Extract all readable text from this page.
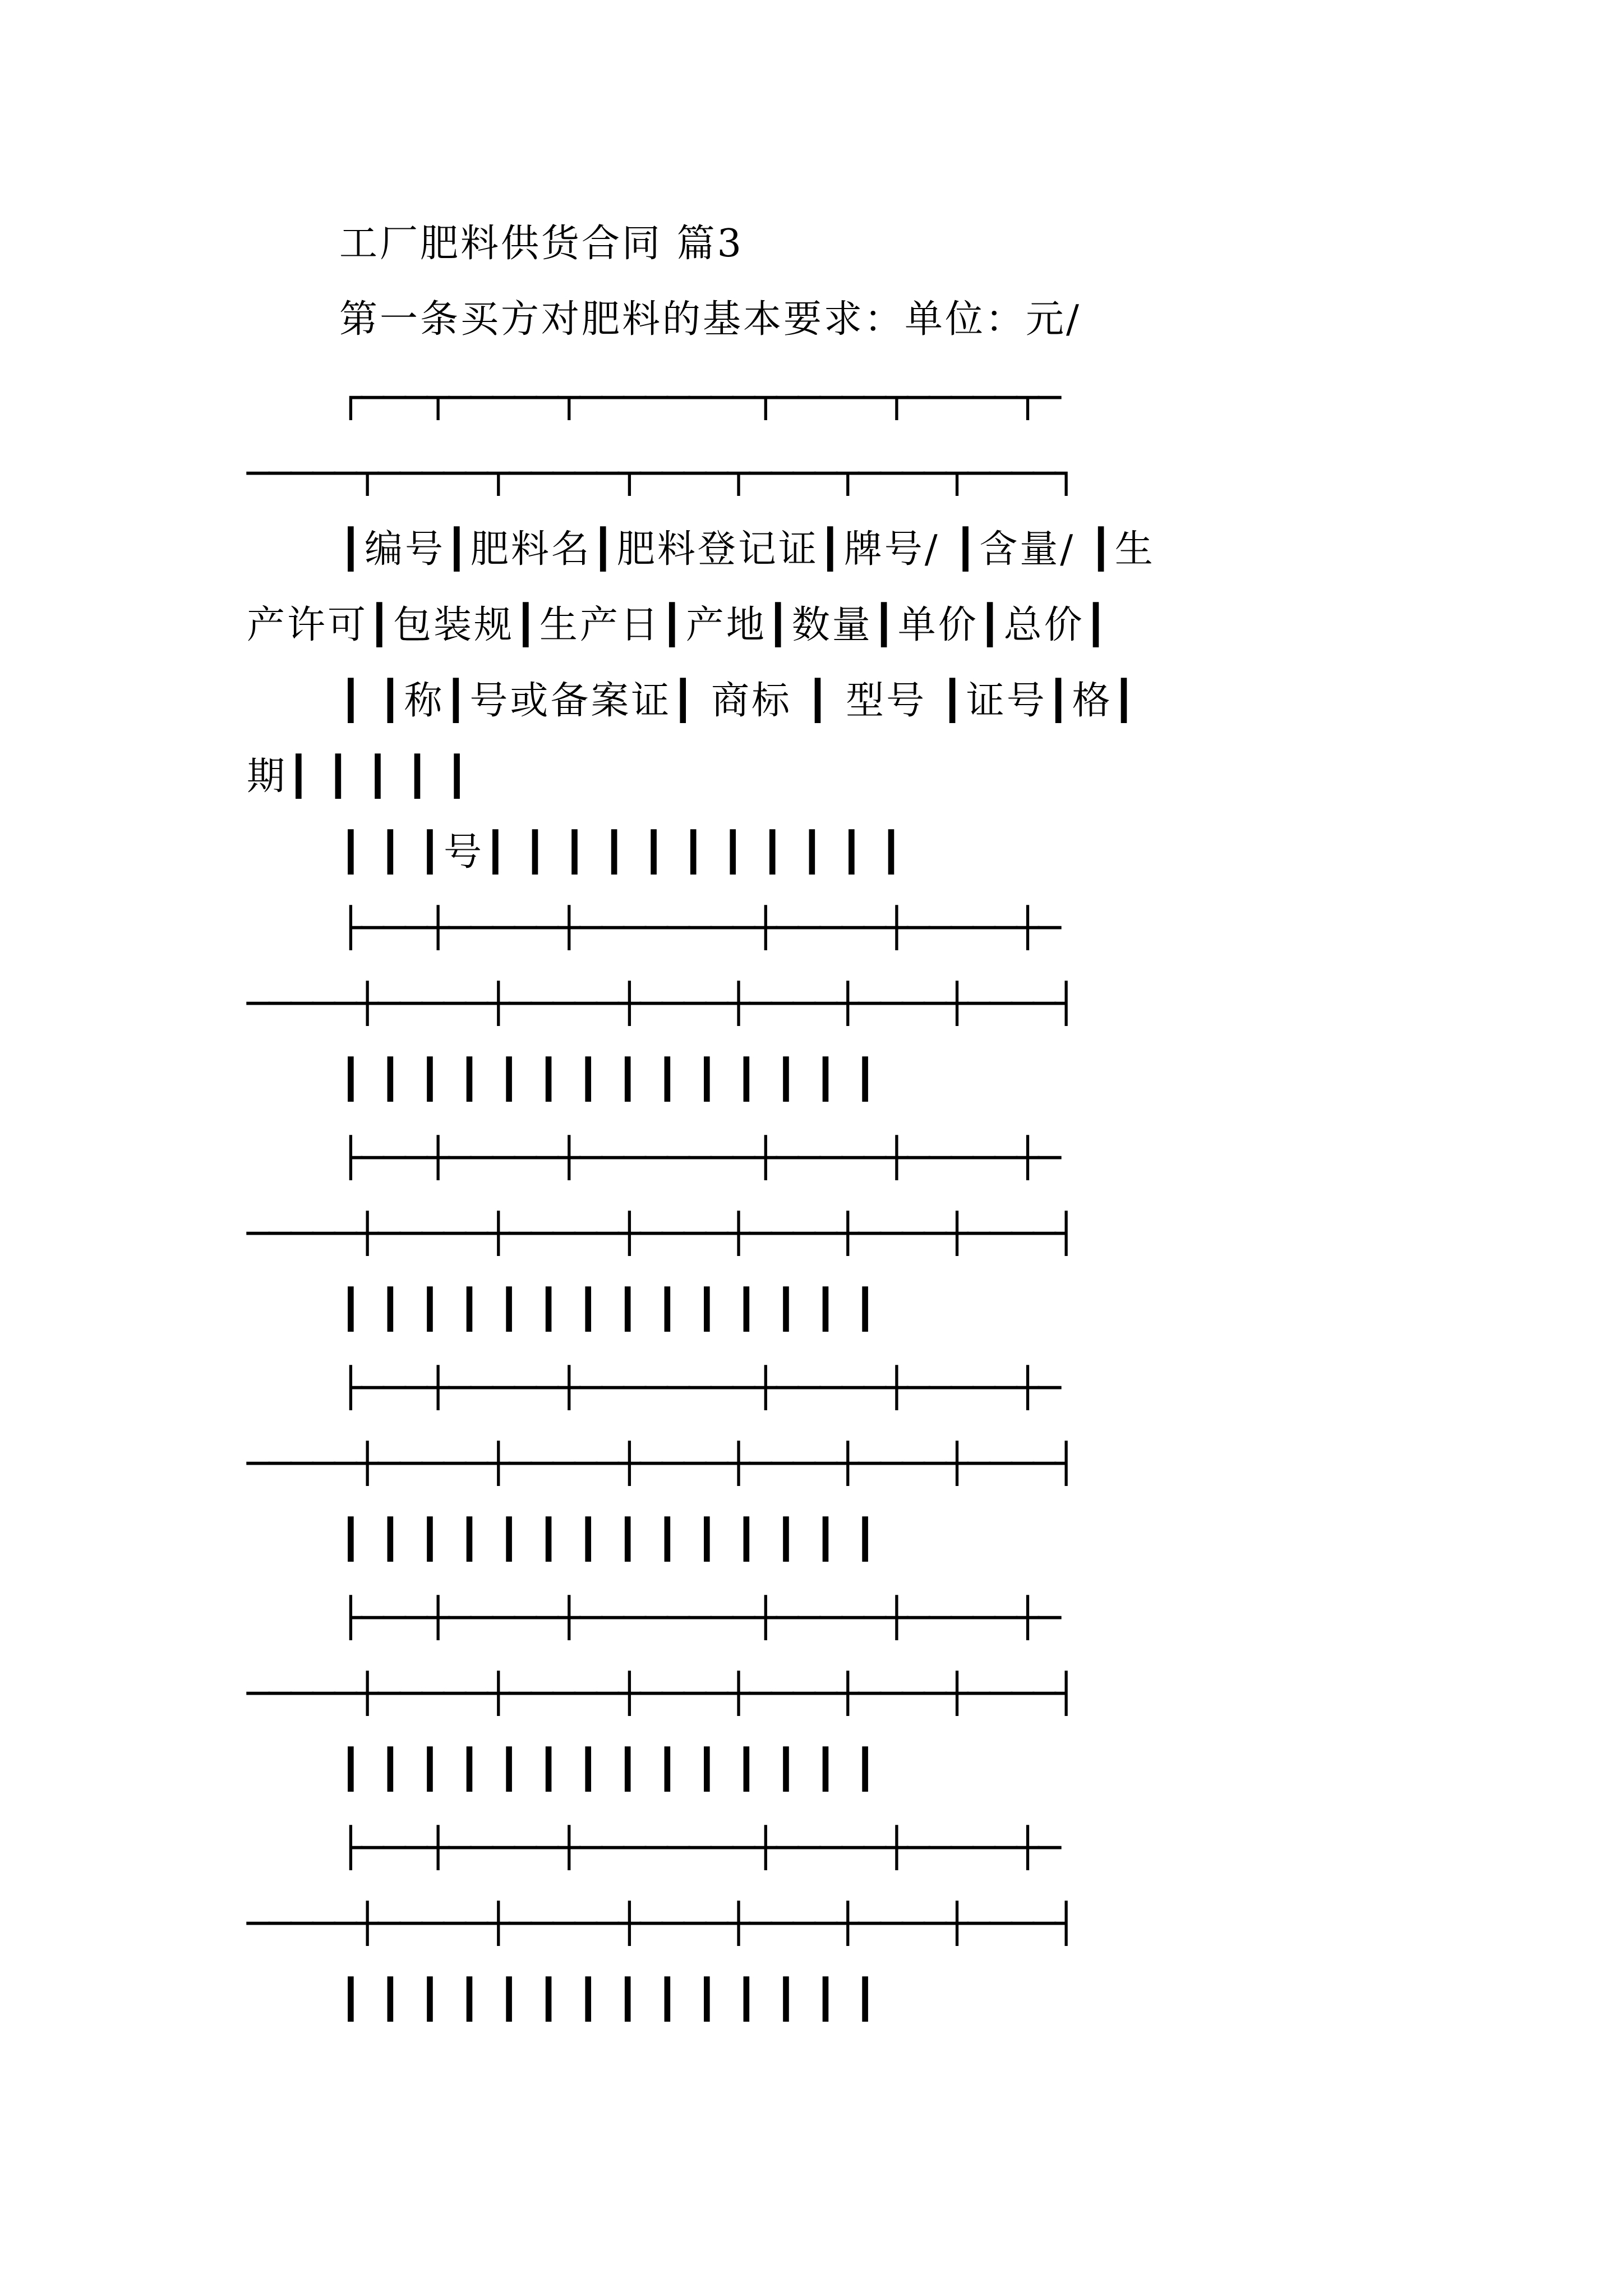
工厂肥料供货合同 篇3
第一条买方对肥料的基本要求：单位：元/
┌───┬─────┬────────┬─────┬─────┬─
─────┬─────┬─────┬────┬────┬────┬────┐
┃编号┃肥料名┃肥料登记证┃牌号/ ┃含量/ ┃生
产许可┃包装规┃生产日┃产地┃数量┃单价┃总价┃
┃ ┃称┃号或备案证┃ 商标 ┃ 型号 ┃证号┃格┃
期┃ ┃ ┃ ┃ ┃
┃ ┃ ┃号┃ ┃ ┃ ┃ ┃ ┃ ┃ ┃ ┃ ┃ ┃
├───┼─────┼────────┼─────┼─────┼─
─────┼─────┼─────┼────┼────┼────┼────┤
┃ ┃ ┃ ┃ ┃ ┃ ┃ ┃ ┃ ┃ ┃ ┃ ┃ ┃
├───┼─────┼────────┼─────┼─────┼─
─────┼─────┼─────┼────┼────┼────┼────┤
┃ ┃ ┃ ┃ ┃ ┃ ┃ ┃ ┃ ┃ ┃ ┃ ┃ ┃
├───┼─────┼────────┼─────┼─────┼─
─────┼─────┼─────┼────┼────┼────┼────┤
┃ ┃ ┃ ┃ ┃ ┃ ┃ ┃ ┃ ┃ ┃ ┃ ┃ ┃
├───┼─────┼────────┼─────┼─────┼─
─────┼─────┼─────┼────┼────┼────┼────┤
┃ ┃ ┃ ┃ ┃ ┃ ┃ ┃ ┃ ┃ ┃ ┃ ┃ ┃
├───┼─────┼────────┼─────┼─────┼─
─────┼─────┼─────┼────┼────┼────┼────┤
┃ ┃ ┃ ┃ ┃ ┃ ┃ ┃ ┃ ┃ ┃ ┃ ┃ ┃
